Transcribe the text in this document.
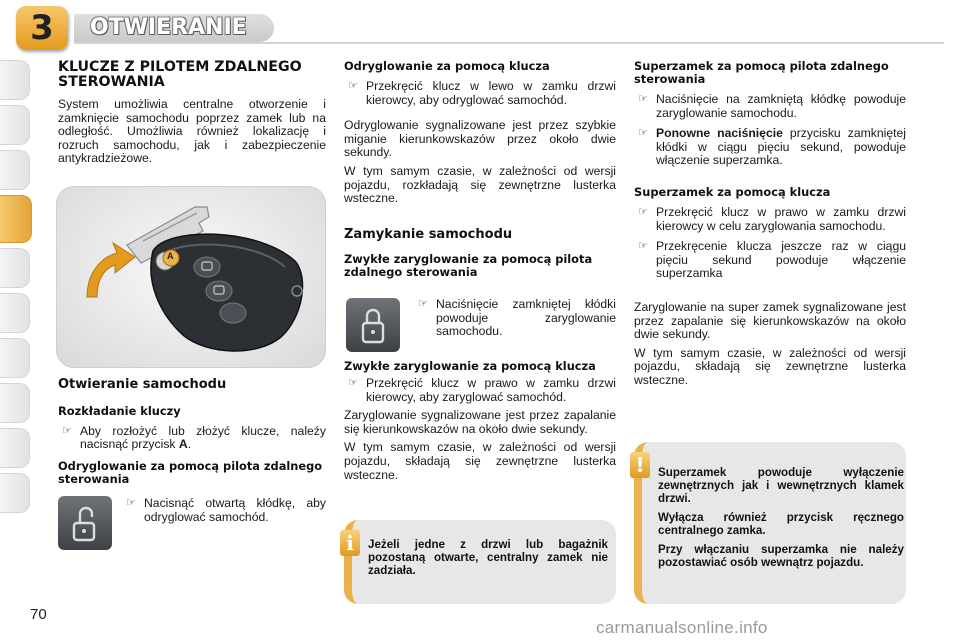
3	OTWIERANIE
KLUCZE Z PILOTEM ZDALNEGO STEROWANIA

System umożliwia centralne otworzenie i zamknięcie samochodu poprzez zamek lub na odległość. Umożliwia również lokalizację i rozruch samochodu, jak i zabezpieczenie antykradzieżowe.

A
Otwieranie samochodu
Rozkładanie kluczy
☞ Aby rozłożyć lub złożyć klucze, naleźy nacisnąć przycisk A.
Odryglowanie za pomocą pilota zdalnego sterowania
☞ Nacisnąć otwartą kłódkę, aby odryglować samochód.
Odryglowanie za pomocą klucza
☞ Przekręcić klucz w lewo w zamku drzwi kierowcy, aby odryglować samochód.

Odryglowanie sygnalizowane jest przez szybkie miganie kierunkowskazów przez około dwie sekundy.

W tym samym czasie, w zależności od wersji pojazdu, rozkładają się zewnętrzne lusterka wsteczne.

Zamykanie samochodu
Zwykłe zaryglowanie za pomocą pilota zdalnego sterowania
☞ Naciśnięcie zamkniętej kłódki powoduje zaryglowanie samochodu.
Zwykłe zaryglowanie za pomocą klucza
☞ Przekręcić klucz w prawo w zamku drzwi kierowcy, aby zaryglować samochód.

Zaryglowanie sygnalizowane jest przez zapalanie się kierunkowskazów na około dwie sekundy.

W tym samym czasie, w zależności od wersji pojazdu, składają się zewnętrzne lusterka wsteczne.

Jeżeli jedne z drzwi lub bagażnik pozostaną otwarte, centralny zamek nie zadziała.
i
Superzamek za pomocą pilota zdalnego sterowania
☞ Naciśnięcie na zamkniętą kłódkę powoduje zaryglowanie samochodu.
☞ Ponowne naciśnięcie przycisku zamkniętej kłódki w ciągu pięciu sekund, powoduje włączenie superzamka.
Superzamek za pomocą klucza
☞ Przekręcić klucz w prawo w zamku drzwi kierowcy w celu zaryglowania samochodu.
☞ Przekręcenie klucza jeszcze raz w ciągu pięciu sekund powoduje włączenie superzamka

Zaryglowanie na super zamek sygnalizowane jest przez zapalanie się kierunkowskazów na około dwie sekundy.

W tym samym czasie, w zależności od wersji pojazdu, składają się zewnętrzne lusterka wsteczne.

Superzamek powoduje wyłączenie zewnętrznych jak i wewnętrznych klamek drzwi.

Wyłącza również przycisk ręcznego centralnego zamka.

Przy włączaniu superzamka nie należy pozostawiać osób wewnątrz pojazdu.

!
70
carmanualsonline.info
